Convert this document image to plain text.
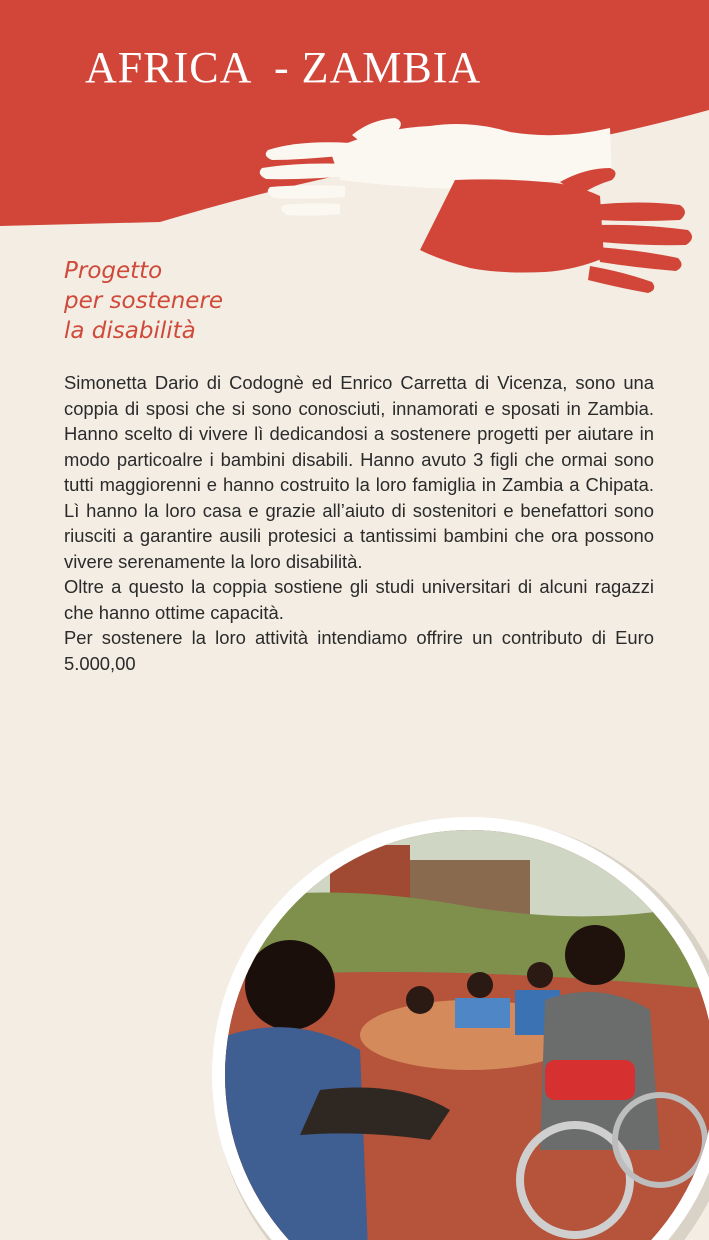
AFRICA  - ZAMBIA
Progetto
per sostenere
la disabilità

Simonetta Dario di Codognè ed Enrico Carretta di Vicenza, sono una coppia di sposi che si sono conosciuti, innamorati e sposati in Zambia. Hanno scelto di vivere lì dedicandosi a sostenere progetti per aiutare in modo particoalre i bambini disabili. Hanno avuto 3 figli che ormai sono tutti maggiorenni e hanno costruito la loro famiglia in Zambia a Chipata. Lì hanno la loro casa e grazie all’aiuto di sostenitori e benefattori sono riusciti a garantire ausili protesici a tantissimi bambini che ora possono vivere serenamente la loro disabilità.

Oltre a questo la coppia sostiene gli studi universitari di alcuni ragazzi che hanno ottime capacità.

Per sostenere la loro attività intendiamo offrire un contributo di Euro 5.000,00
